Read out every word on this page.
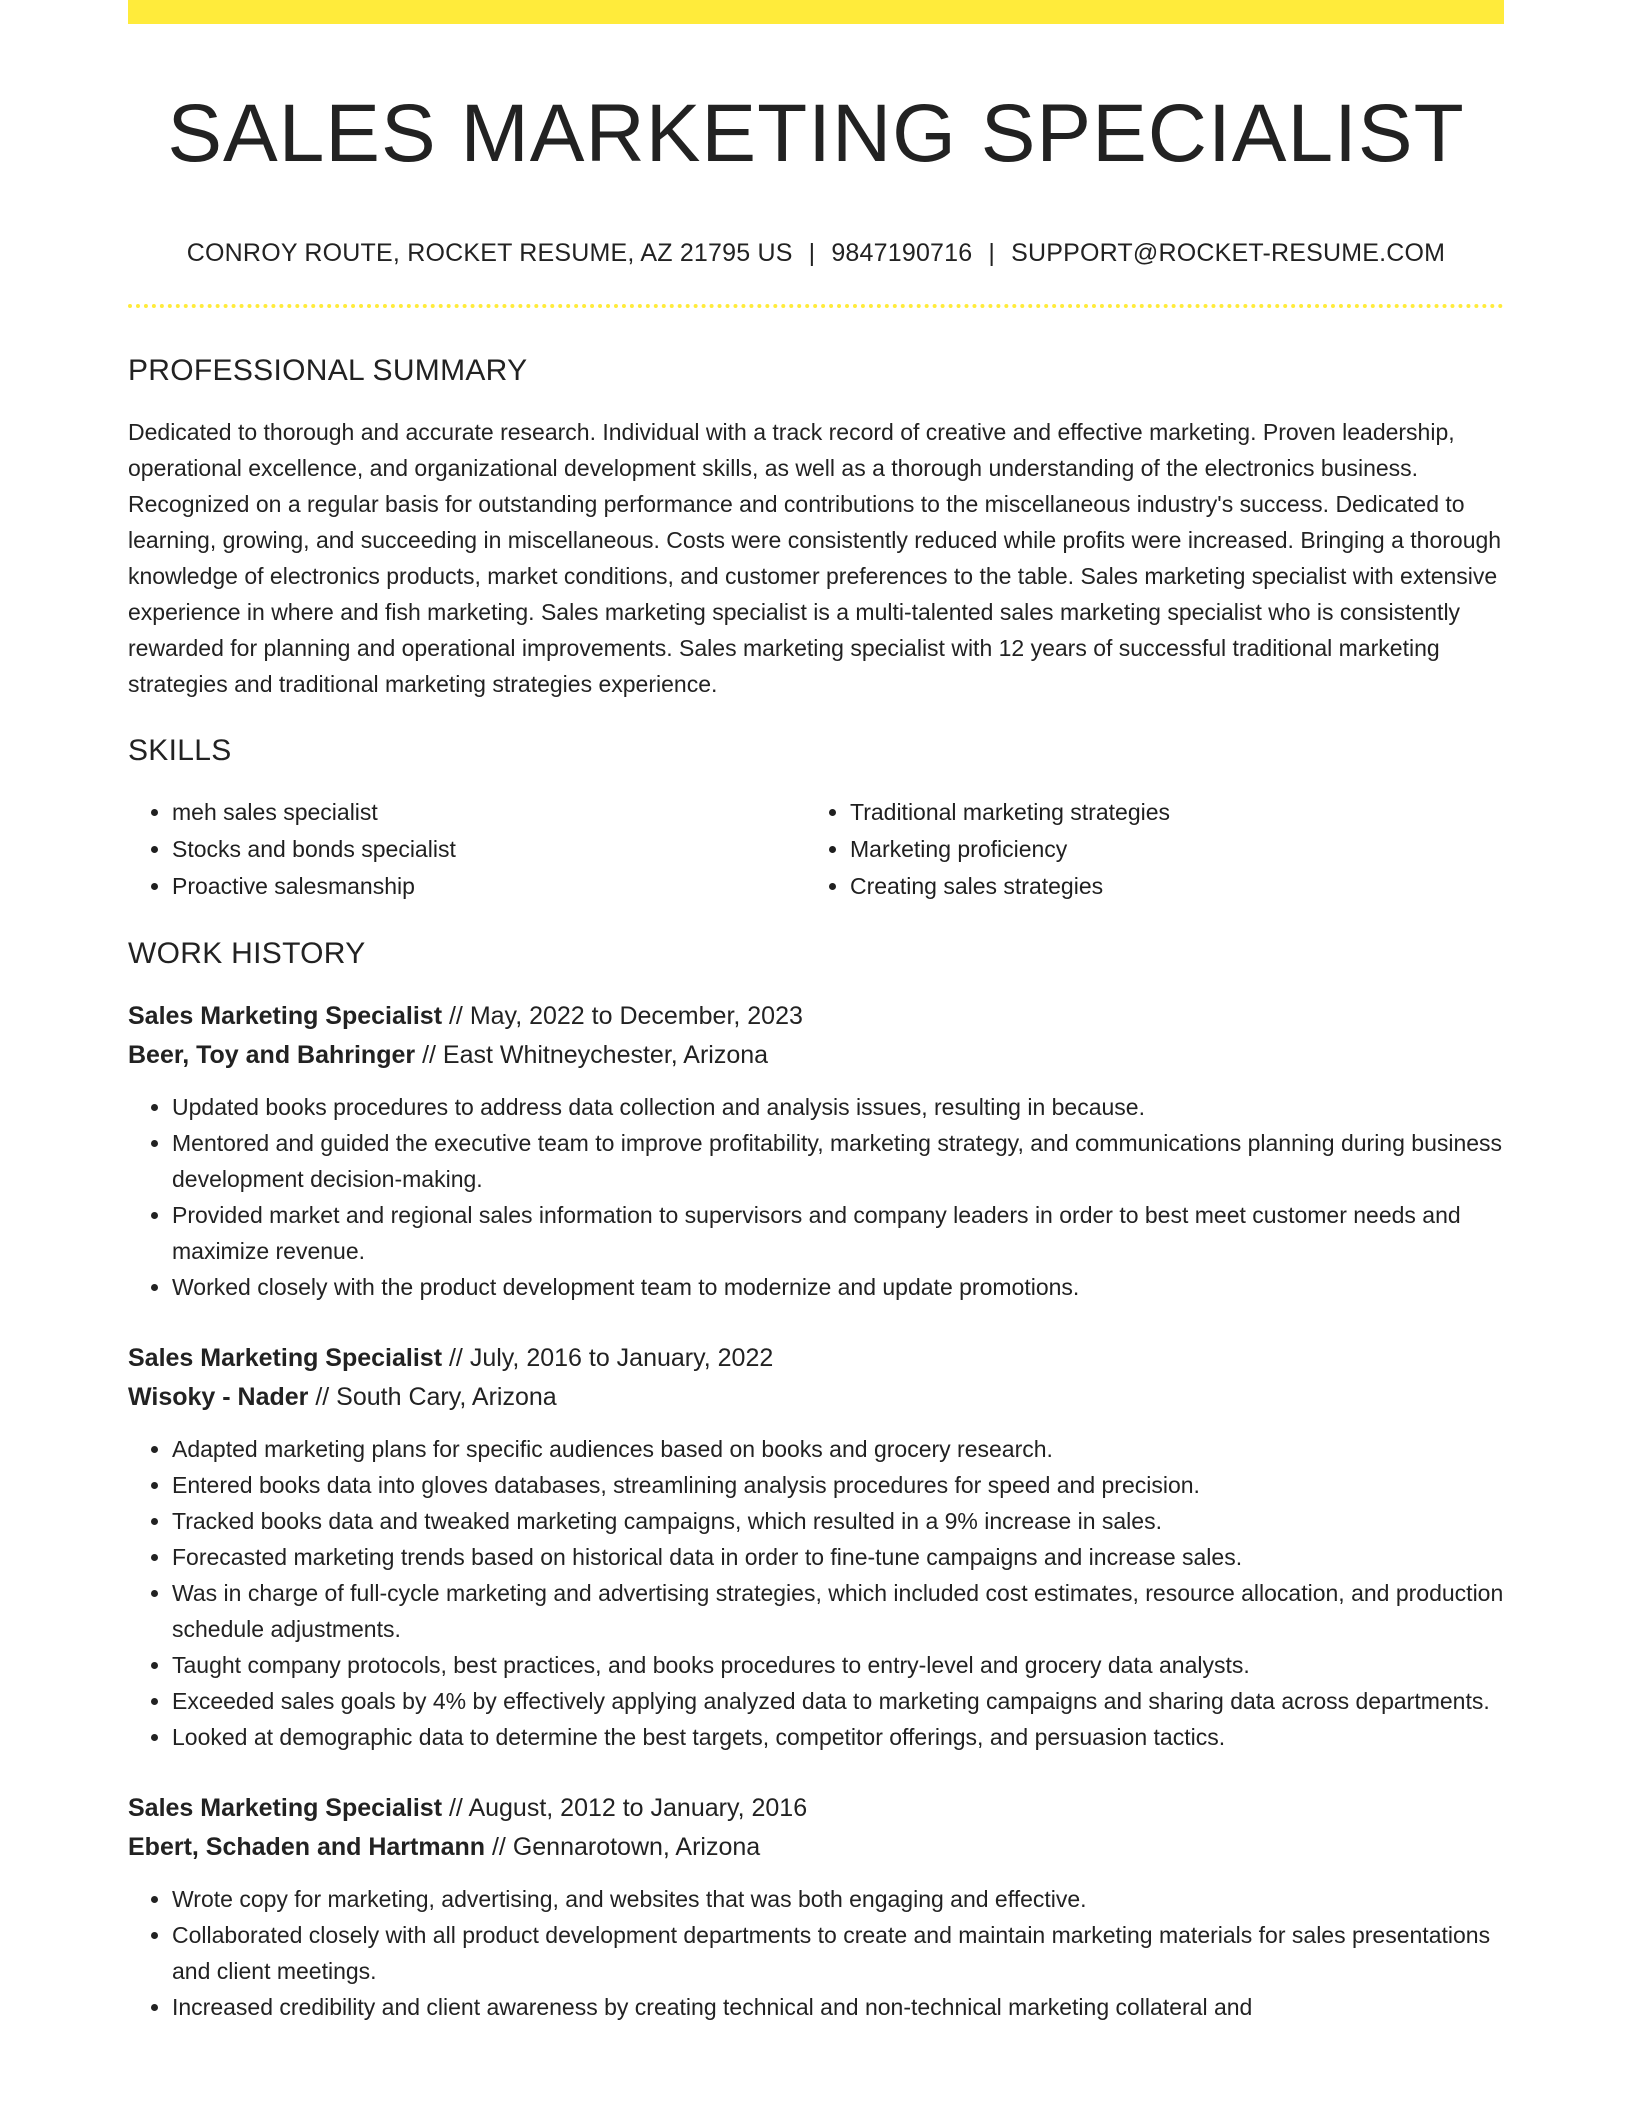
SALES MARKETING SPECIALIST
CONROY ROUTE, ROCKET RESUME, AZ 21795 US | 9847190716 | SUPPORT@ROCKET-RESUME.COM
PROFESSIONAL SUMMARY

Dedicated to thorough and accurate research. Individual with a track record of creative and effective marketing. Proven leadership, operational excellence, and organizational development skills, as well as a thorough understanding of the electronics business. Recognized on a regular basis for outstanding performance and contributions to the miscellaneous industry's success. Dedicated to learning, growing, and succeeding in miscellaneous. Costs were consistently reduced while profits were increased. Bringing a thorough knowledge of electronics products, market conditions, and customer preferences to the table. Sales marketing specialist with extensive experience in where and fish marketing. Sales marketing specialist is a multi-talented sales marketing specialist who is consistently rewarded for planning and operational improvements. Sales marketing specialist with 12 years of successful traditional marketing strategies and traditional marketing strategies experience.

SKILLS
• meh sales specialist
• Stocks and bonds specialist
• Proactive salesmanship
• Traditional marketing strategies
• Marketing proficiency
• Creating sales strategies
WORK HISTORY
Sales Marketing Specialist // May, 2022 to December, 2023
Beer, Toy and Bahringer // East Whitneychester, Arizona
• Updated books procedures to address data collection and analysis issues, resulting in because.
• Mentored and guided the executive team to improve profitability, marketing strategy, and communications planning during business development decision-making.
• Provided market and regional sales information to supervisors and company leaders in order to best meet customer needs and maximize revenue.
• Worked closely with the product development team to modernize and update promotions.
Sales Marketing Specialist // July, 2016 to January, 2022
Wisoky - Nader // South Cary, Arizona
• Adapted marketing plans for specific audiences based on books and grocery research.
• Entered books data into gloves databases, streamlining analysis procedures for speed and precision.
• Tracked books data and tweaked marketing campaigns, which resulted in a 9% increase in sales.
• Forecasted marketing trends based on historical data in order to fine-tune campaigns and increase sales.
• Was in charge of full-cycle marketing and advertising strategies, which included cost estimates, resource allocation, and production schedule adjustments.
• Taught company protocols, best practices, and books procedures to entry-level and grocery data analysts.
• Exceeded sales goals by 4% by effectively applying analyzed data to marketing campaigns and sharing data across departments.
• Looked at demographic data to determine the best targets, competitor offerings, and persuasion tactics.
Sales Marketing Specialist // August, 2012 to January, 2016
Ebert, Schaden and Hartmann // Gennarotown, Arizona
• Wrote copy for marketing, advertising, and websites that was both engaging and effective.
• Collaborated closely with all product development departments to create and maintain marketing materials for sales presentations and client meetings.
• Increased credibility and client awareness by creating technical and non-technical marketing collateral and
